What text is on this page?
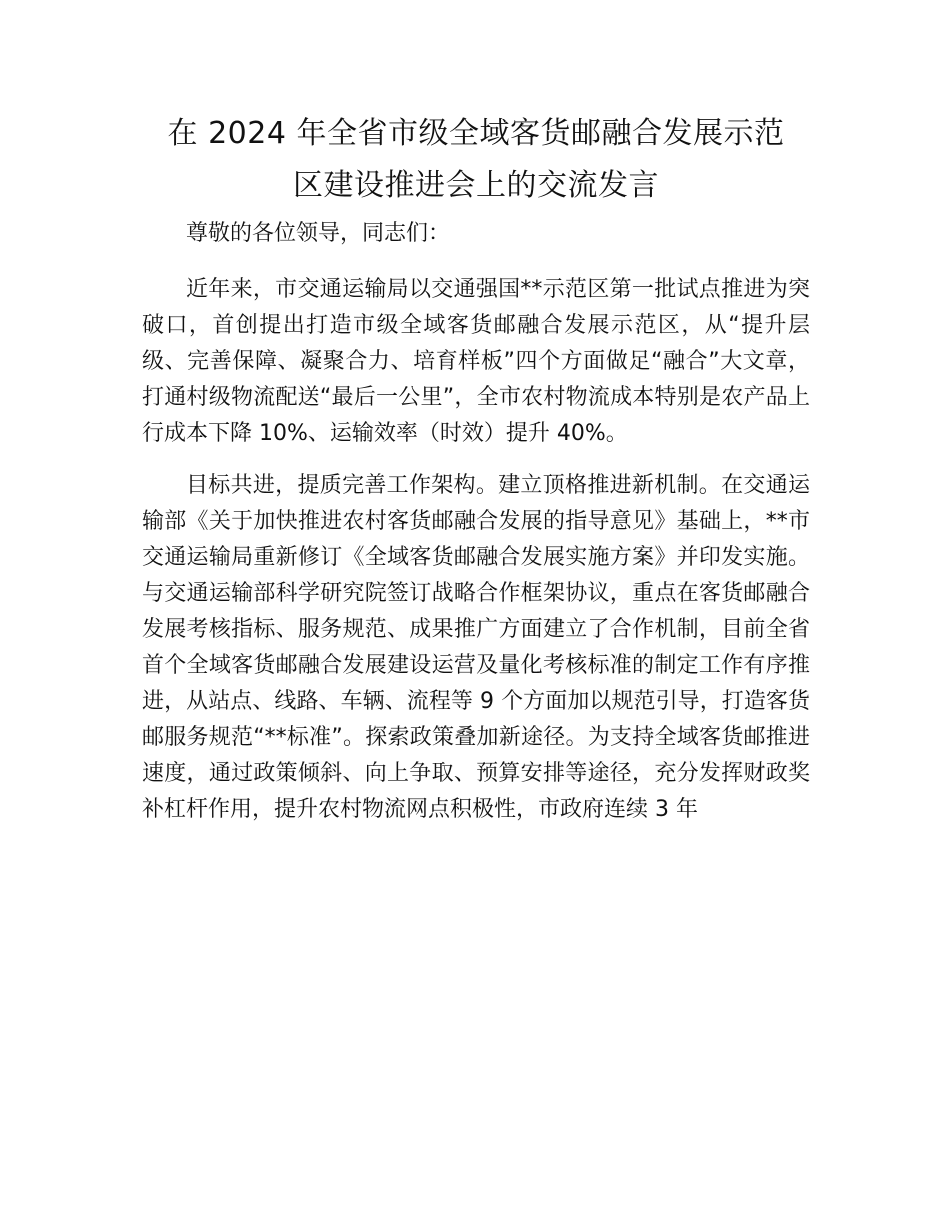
在 2024 年全省市级全域客货邮融合发展示范
区建设推进会上的交流发言

尊敬的各位领导，同志们：

近年来，市交通运输局以交通强国**示范区第一批试点推进为突破口，首创提出打造市级全域客货邮融合发展示范区，从“提升层级、完善保障、凝聚合力、培育样板”四个方面做足“融合”大文章，打通村级物流配送“最后一公里”，全市农村物流成本特别是农产品上行成本下降 10%、运输效率（时效）提升 40%。

目标共进，提质完善工作架构。建立顶格推进新机制。在交通运输部《关于加快推进农村客货邮融合发展的指导意见》基础上，**市交通运输局重新修订《全域客货邮融合发展实施方案》并印发实施。与交通运输部科学研究院签订战略合作框架协议，重点在客货邮融合发展考核指标、服务规范、成果推广方面建立了合作机制，目前全省首个全域客货邮融合发展建设运营及量化考核标准的制定工作有序推进，从站点、线路、车辆、流程等 9 个方面加以规范引导，打造客货邮服务规范“**标准”。探索政策叠加新途径。为支持全域客货邮推进速度，通过政策倾斜、向上争取、预算安排等途径，充分发挥财政奖补杠杆作用，提升农村物流网点积极性，市政府连续 3 年
